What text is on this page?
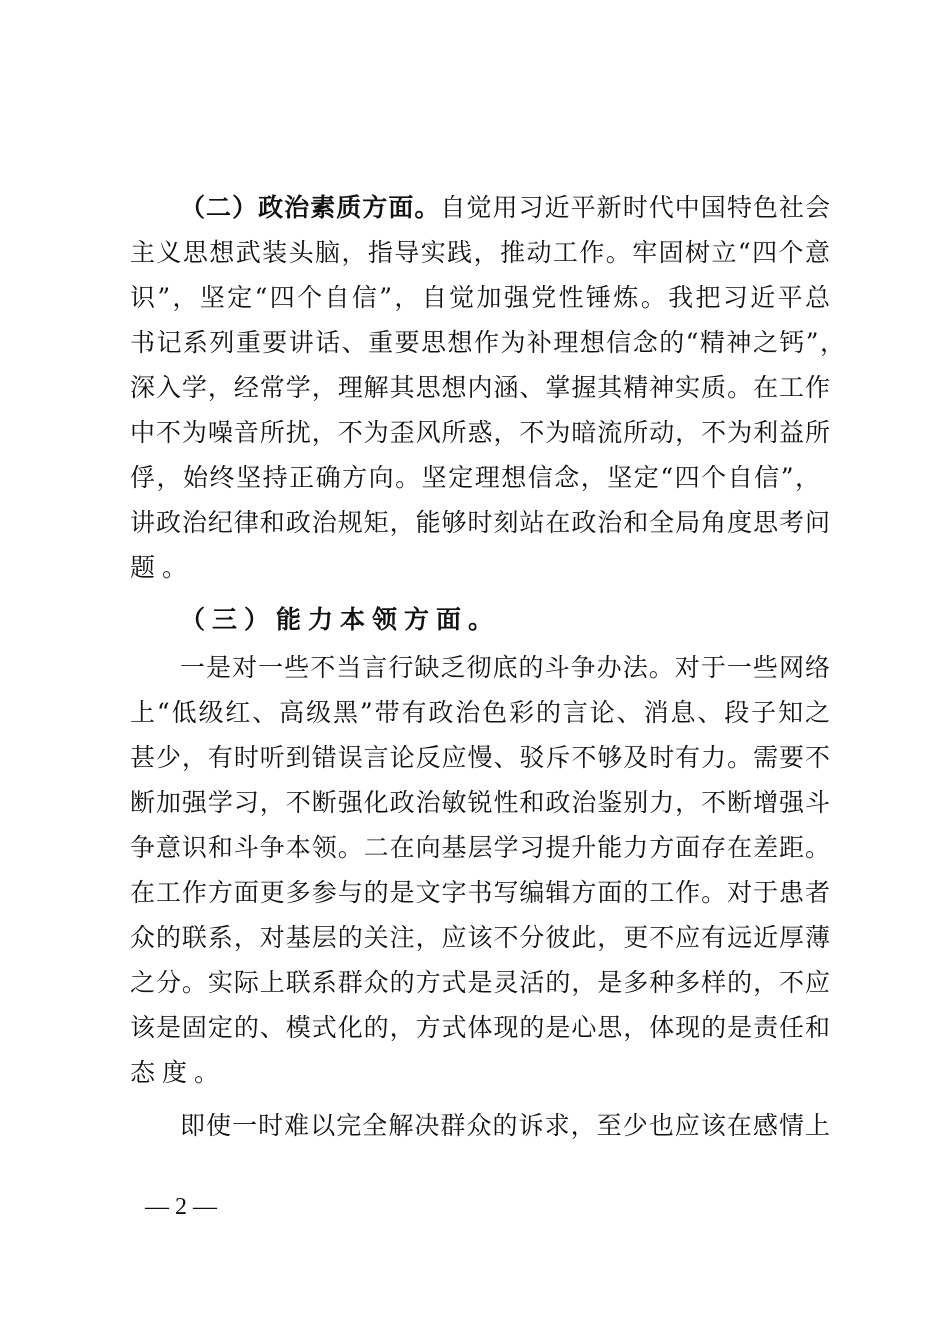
（二）政治素质方面。自觉用习近平新时代中国特色社会
主义思想武装头脑，指导实践，推动工作。牢固树立“四个意
识”，坚定“四个自信”，自觉加强党性锤炼。我把习近平总
书记系列重要讲话、重要思想作为补理想信念的“精神之钙”，
深入学，经常学，理解其思想内涵、掌握其精神实质。在工作
中不为噪音所扰，不为歪风所惑，不为暗流所动，不为利益所
俘，始终坚持正确方向。坚定理想信念，坚定“四个自信”，
讲政治纪律和政治规矩，能够时刻站在政治和全局角度思考问
题。
（三）能力本领方面。
一是对一些不当言行缺乏彻底的斗争办法。对于一些网络
上“低级红、高级黑”带有政治色彩的言论、消息、段子知之
甚少，有时听到错误言论反应慢、驳斥不够及时有力。需要不
断加强学习，不断强化政治敏锐性和政治鉴别力，不断增强斗
争意识和斗争本领。二在向基层学习提升能力方面存在差距。
在工作方面更多参与的是文字书写编辑方面的工作。对于患者
众的联系，对基层的关注，应该不分彼此，更不应有远近厚薄
之分。实际上联系群众的方式是灵活的，是多种多样的，不应
该是固定的、模式化的，方式体现的是心思，体现的是责任和
态度。
即使一时难以完全解决群众的诉求，至少也应该在感情上
— 2 —
